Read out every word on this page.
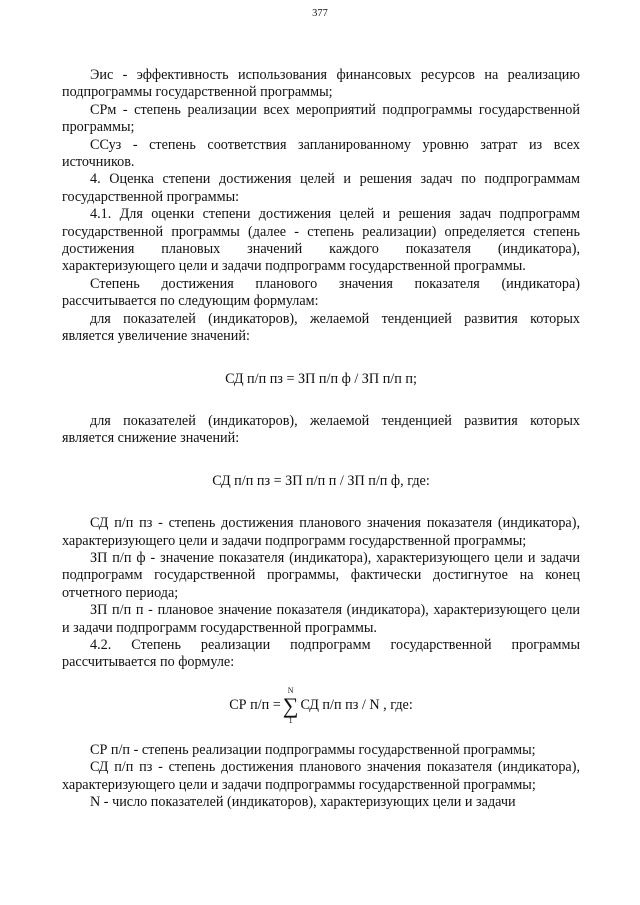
377

Эис - эффективность использования финансовых ресурсов на реализацию подпрограммы государственной программы;

СРм - степень реализации всех мероприятий подпрограммы государственной программы;

ССуз - степень соответствия запланированному уровню затрат из всех источников.

4. Оценка степени достижения целей и решения задач по подпрограммам государственной программы:

4.1. Для оценки степени достижения целей и решения задач подпрограмм государственной программы (далее - степень реализации) определяется степень достижения плановых значений каждого показателя (индикатора), характеризующего цели и задачи подпрограмм государственной программы.

Степень достижения планового значения показателя (индикатора) рассчитывается по следующим формулам:

для показателей (индикаторов), желаемой тенденцией развития которых является увеличение значений:

СД п/п пз = ЗП п/п ф / ЗП п/п п;

для показателей (индикаторов), желаемой тенденцией развития которых является снижение значений:

СД п/п пз = ЗП п/п п / ЗП п/п ф, где:

СД п/п пз - степень достижения планового значения показателя (индикатора), характеризующего цели и задачи подпрограмм государственной программы;

ЗП п/п ф - значение показателя (индикатора), характеризующего цели и задачи подпрограмм государственной программы, фактически достигнутое на конец отчетного периода;

ЗП п/п п - плановое значение показателя (индикатора), характеризующего цели и задачи подпрограмм государственной программы.

4.2. Степень реализации подпрограмм государственной программы рассчитывается по формуле:

СР п/п =
N
∑
1
СД п/п пз / N , где:

СР п/п - степень реализации подпрограммы государственной программы;

СД п/п пз - степень достижения планового значения показателя (индикатора), характеризующего цели и задачи подпрограммы государственной программы;

N - число показателей (индикаторов), характеризующих цели и задачи
